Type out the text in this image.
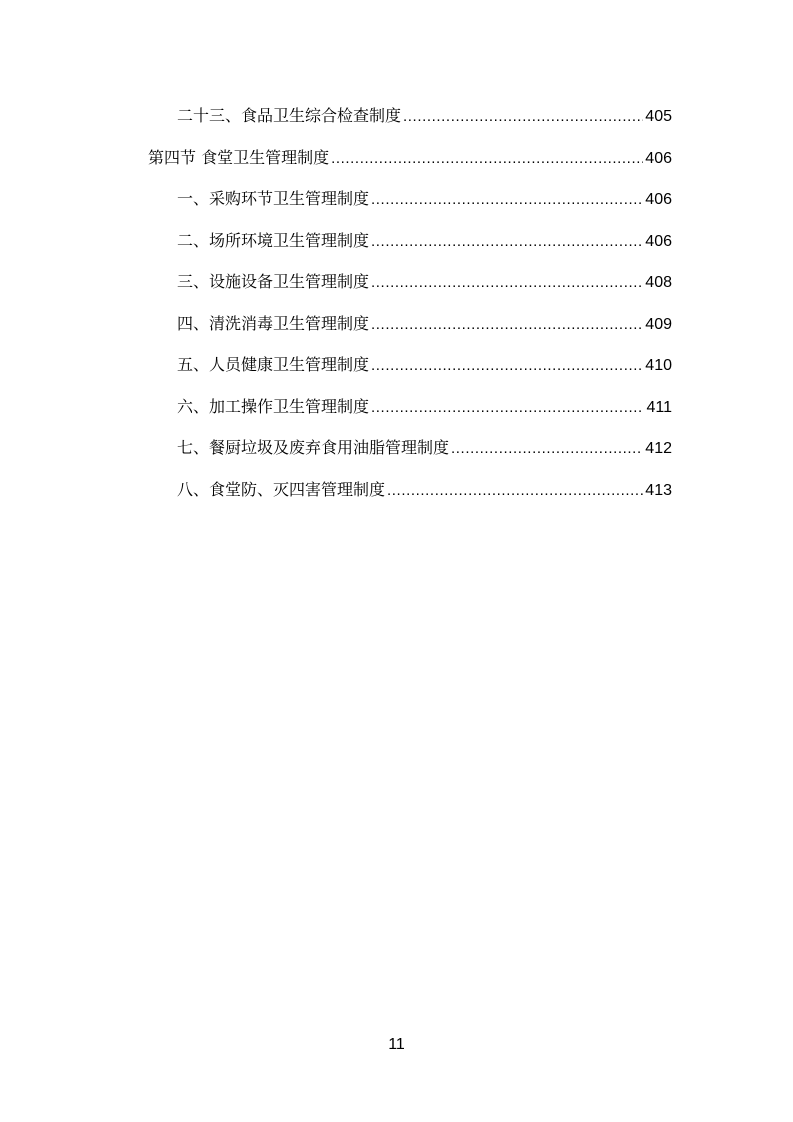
二十三、食品卫生综合检查制度 .....	405
第四节 食堂卫生管理制度 .....	406
一、采购环节卫生管理制度 .....	406
二、场所环境卫生管理制度 .....	406
三、设施设备卫生管理制度 .....	408
四、清洗消毒卫生管理制度 .....	409
五、人员健康卫生管理制度 .....	410
六、加工操作卫生管理制度 .....	411
七、餐厨垃圾及废弃食用油脂管理制度 .....	412
八、食堂防、灭四害管理制度 .....	413
11
